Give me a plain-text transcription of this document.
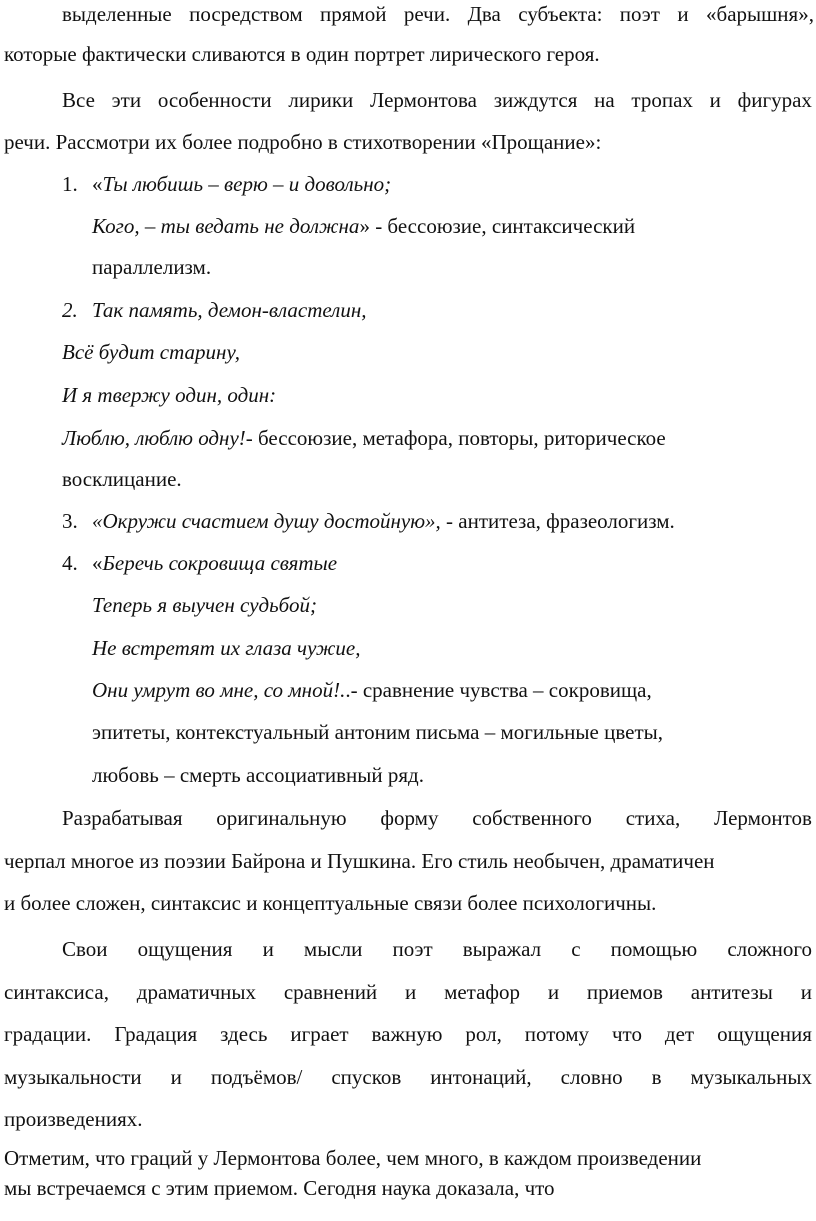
выделенные посредством прямой речи. Два субъекта: поэт и «барышня»,
которые фактически сливаются в один портрет лирического героя.
Все эти особенности лирики Лермонтова зиждутся на тропах и фигурах
речи. Рассмотри их более подробно в стихотворении «Прощание»:
1. «Ты любишь – верю – и довольно;
Кого, – ты ведать не должна» - бессоюзие, синтаксический
параллелизм.
2. Так память, демон-властелин,
Всё будит старину,
И я твержу один, один:
Люблю, люблю одну!- бессоюзие, метафора, повторы, риторическое
восклицание.
3. «Окружи счастием душу достойную», - антитеза, фразеологизм.
4. «Беречь сокровища святые
Теперь я выучен судьбой;
Не встретят их глаза чужие,
Они умрут во мне, со мной!..- сравнение чувства – сокровища,
эпитеты, контекстуальный антоним письма – могильные цветы,
любовь – смерть ассоциативный ряд.
Разрабатывая оригинальную форму собственного стиха, Лермонтов
черпал многое из поэзии Байрона и Пушкина. Его стиль необычен, драматичен
и более сложен, синтаксис и концептуальные связи более психологичны.
Свои ощущения и мысли поэт выражал с помощью сложного
синтаксиса, драматичных сравнений и метафор и приемов антитезы и
градации. Градация здесь играет важную рол, потому что дет ощущения
музыкальности и подъёмов/ спусков интонаций, словно в музыкальных
произведениях.
Отметим, что граций у Лермонтова более, чем много, в каждом произведении
мы встречаемся с этим приемом. Сегодня наука доказала, что
